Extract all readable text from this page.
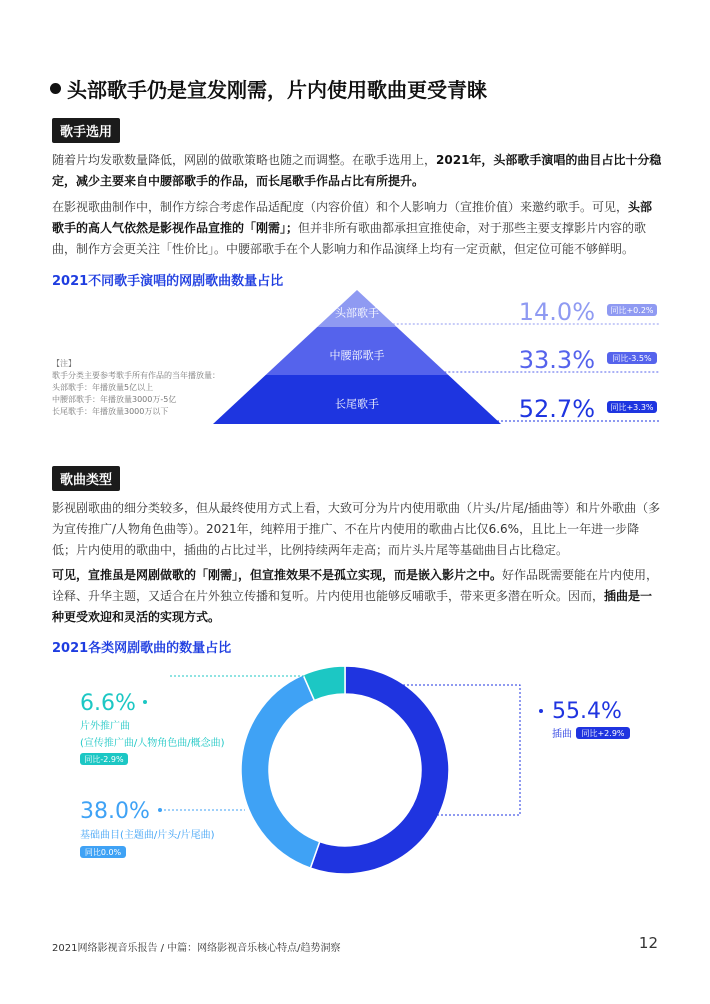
头部歌手仍是宣发刚需，片内使用歌曲更受青睐
歌手选用
随着片均发歌数量降低，网剧的做歌策略也随之而调整。在歌手选用上，2021年，头部歌手演唱的曲目占比十分稳定，减少主要来自中腰部歌手的作品，而长尾歌手作品占比有所提升。
在影视歌曲制作中，制作方综合考虑作品适配度（内容价值）和个人影响力（宣推价值）来邀约歌手。可见，头部歌手的高人气依然是影视作品宣推的「刚需」；但并非所有歌曲都承担宣推使命，对于那些主要支撑影片内容的歌曲，制作方会更关注「性价比」。中腰部歌手在个人影响力和作品演绎上均有一定贡献，但定位可能不够鲜明。
2021不同歌手演唱的网剧歌曲数量占比
头部歌手	14.0% 同比+0.2%
中腰部歌手	33.3% 同比-3.5%
长尾歌手	52.7% 同比+3.3%
【注】
歌手分类主要参考歌手所有作品的当年播放量：
头部歌手：年播放量5亿以上
中腰部歌手：年播放量3000万-5亿
长尾歌手：年播放量3000万以下
歌曲类型
影视剧歌曲的细分类较多，但从最终使用方式上看，大致可分为片内使用歌曲（片头/片尾/插曲等）和片外歌曲（多为宣传推广/人物角色曲等）。2021年，纯粹用于推广、不在片内使用的歌曲占比仅6.6%，且比上一年进一步降低；片内使用的歌曲中，插曲的占比过半，比例持续两年走高；而片头片尾等基础曲目占比稳定。
可见，宣推虽是网剧做歌的「刚需」，但宣推效果不是孤立实现，而是嵌入影片之中。好作品既需要能在片内使用，诠释、升华主题，又适合在片外独立传播和复听。片内使用也能够反哺歌手，带来更多潜在听众。因而，插曲是一种更受欢迎和灵活的实现方式。
2021各类网剧歌曲的数量占比
55.4%
插曲 同比+2.9%
6.6%
片外推广曲
(宣传推广曲/人物角色曲/概念曲)
同比-2.9%
38.0%
基础曲目(主题曲/片头/片尾曲)
同比0.0%
2021网络影视音乐报告 / 中篇：网络影视音乐核心特点/趋势洞察	12
